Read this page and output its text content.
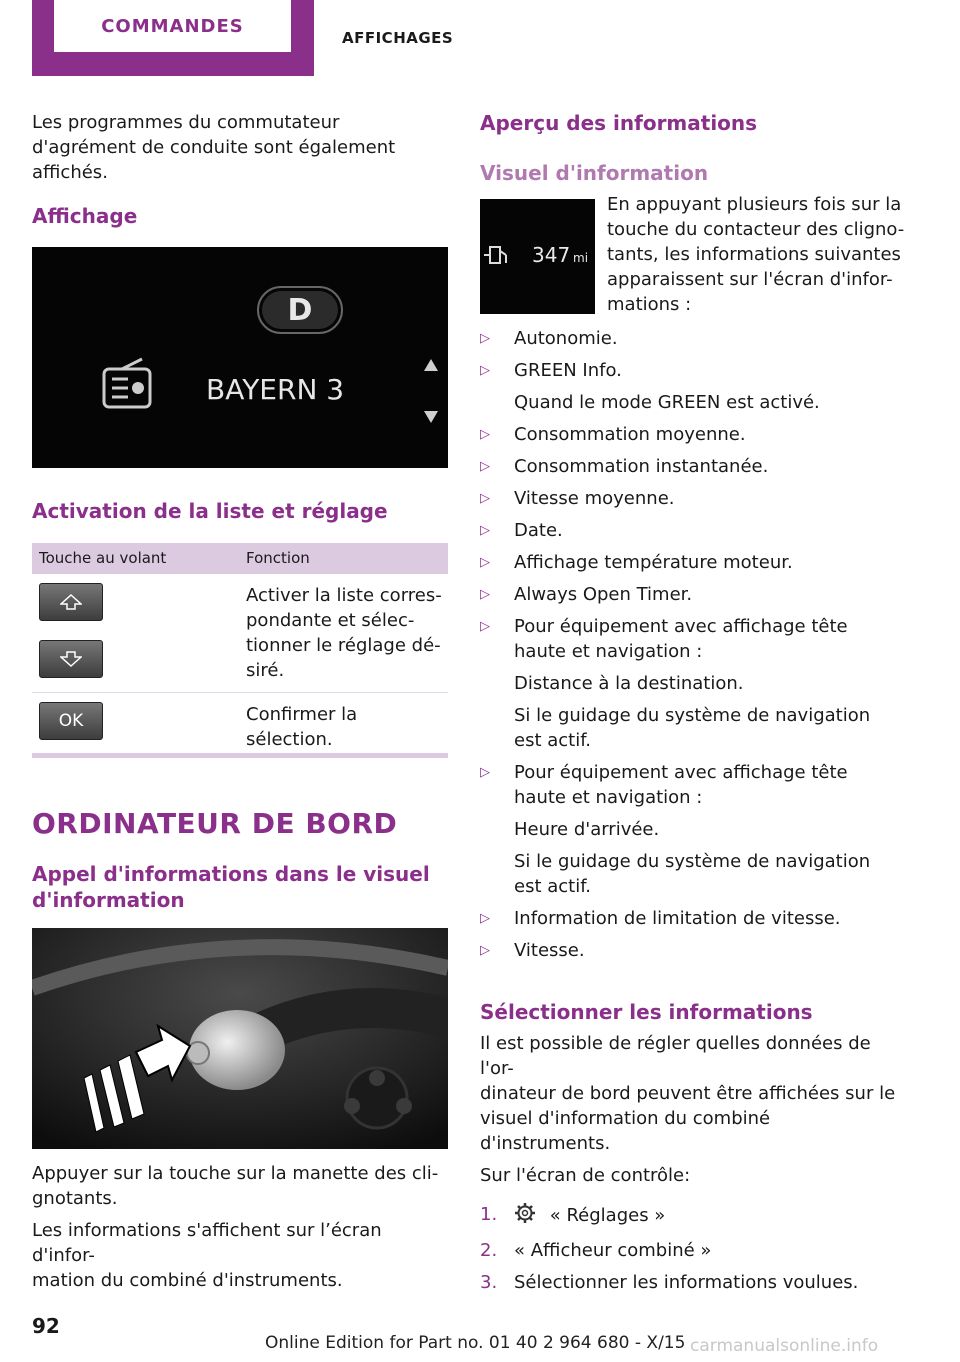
COMMANDES
AFFICHAGES

Les programmes du commutateur d'agrément de conduite sont également affichés.

Affichage
D
BAYERN 3
Activation de la liste et réglage
Touche au volant	Fonction
Activer la liste corres-
pondante et sélec-
tionner le réglage dé-
siré.
OK	Confirmer la sélection.
ORDINATEUR DE BORD
Appel d'informations dans le visuel d'information
Appuyer sur la touche sur la manette des cli-
gnotants.
Les informations s'affichent sur l’écran d'infor-
mation du combiné d'instruments.
Aperçu des informations
Visuel d'information
347 mi
En appuyant plusieurs fois sur la
touche du contacteur des cligno-
tants, les informations suivantes
apparaissent sur l'écran d'infor-
mations :
▷ Autonomie.
▷ GREEN Info.
Quand le mode GREEN est activé.
▷ Consommation moyenne.
▷ Consommation instantanée.
▷ Vitesse moyenne.
▷ Date.
▷ Affichage température moteur.
▷ Always Open Timer.
▷ Pour équipement avec affichage tête haute et navigation :
Distance à la destination.
Si le guidage du système de navigation est actif.
▷ Pour équipement avec affichage tête haute et navigation :
Heure d'arrivée.
Si le guidage du système de navigation est actif.
▷ Information de limitation de vitesse.
▷ Vitesse.
Sélectionner les informations
Il est possible de régler quelles données de l'or-
dinateur de bord peuvent être affichées sur le
visuel d'information du combiné d'instruments.

Sur l'écran de contrôle:

1.	« Réglages »
2. « Afficheur combiné »
3. Sélectionner les informations voulues.
92
Online Edition for Part no. 01 40 2 964 680 - X/15 carmanualsonline.info
